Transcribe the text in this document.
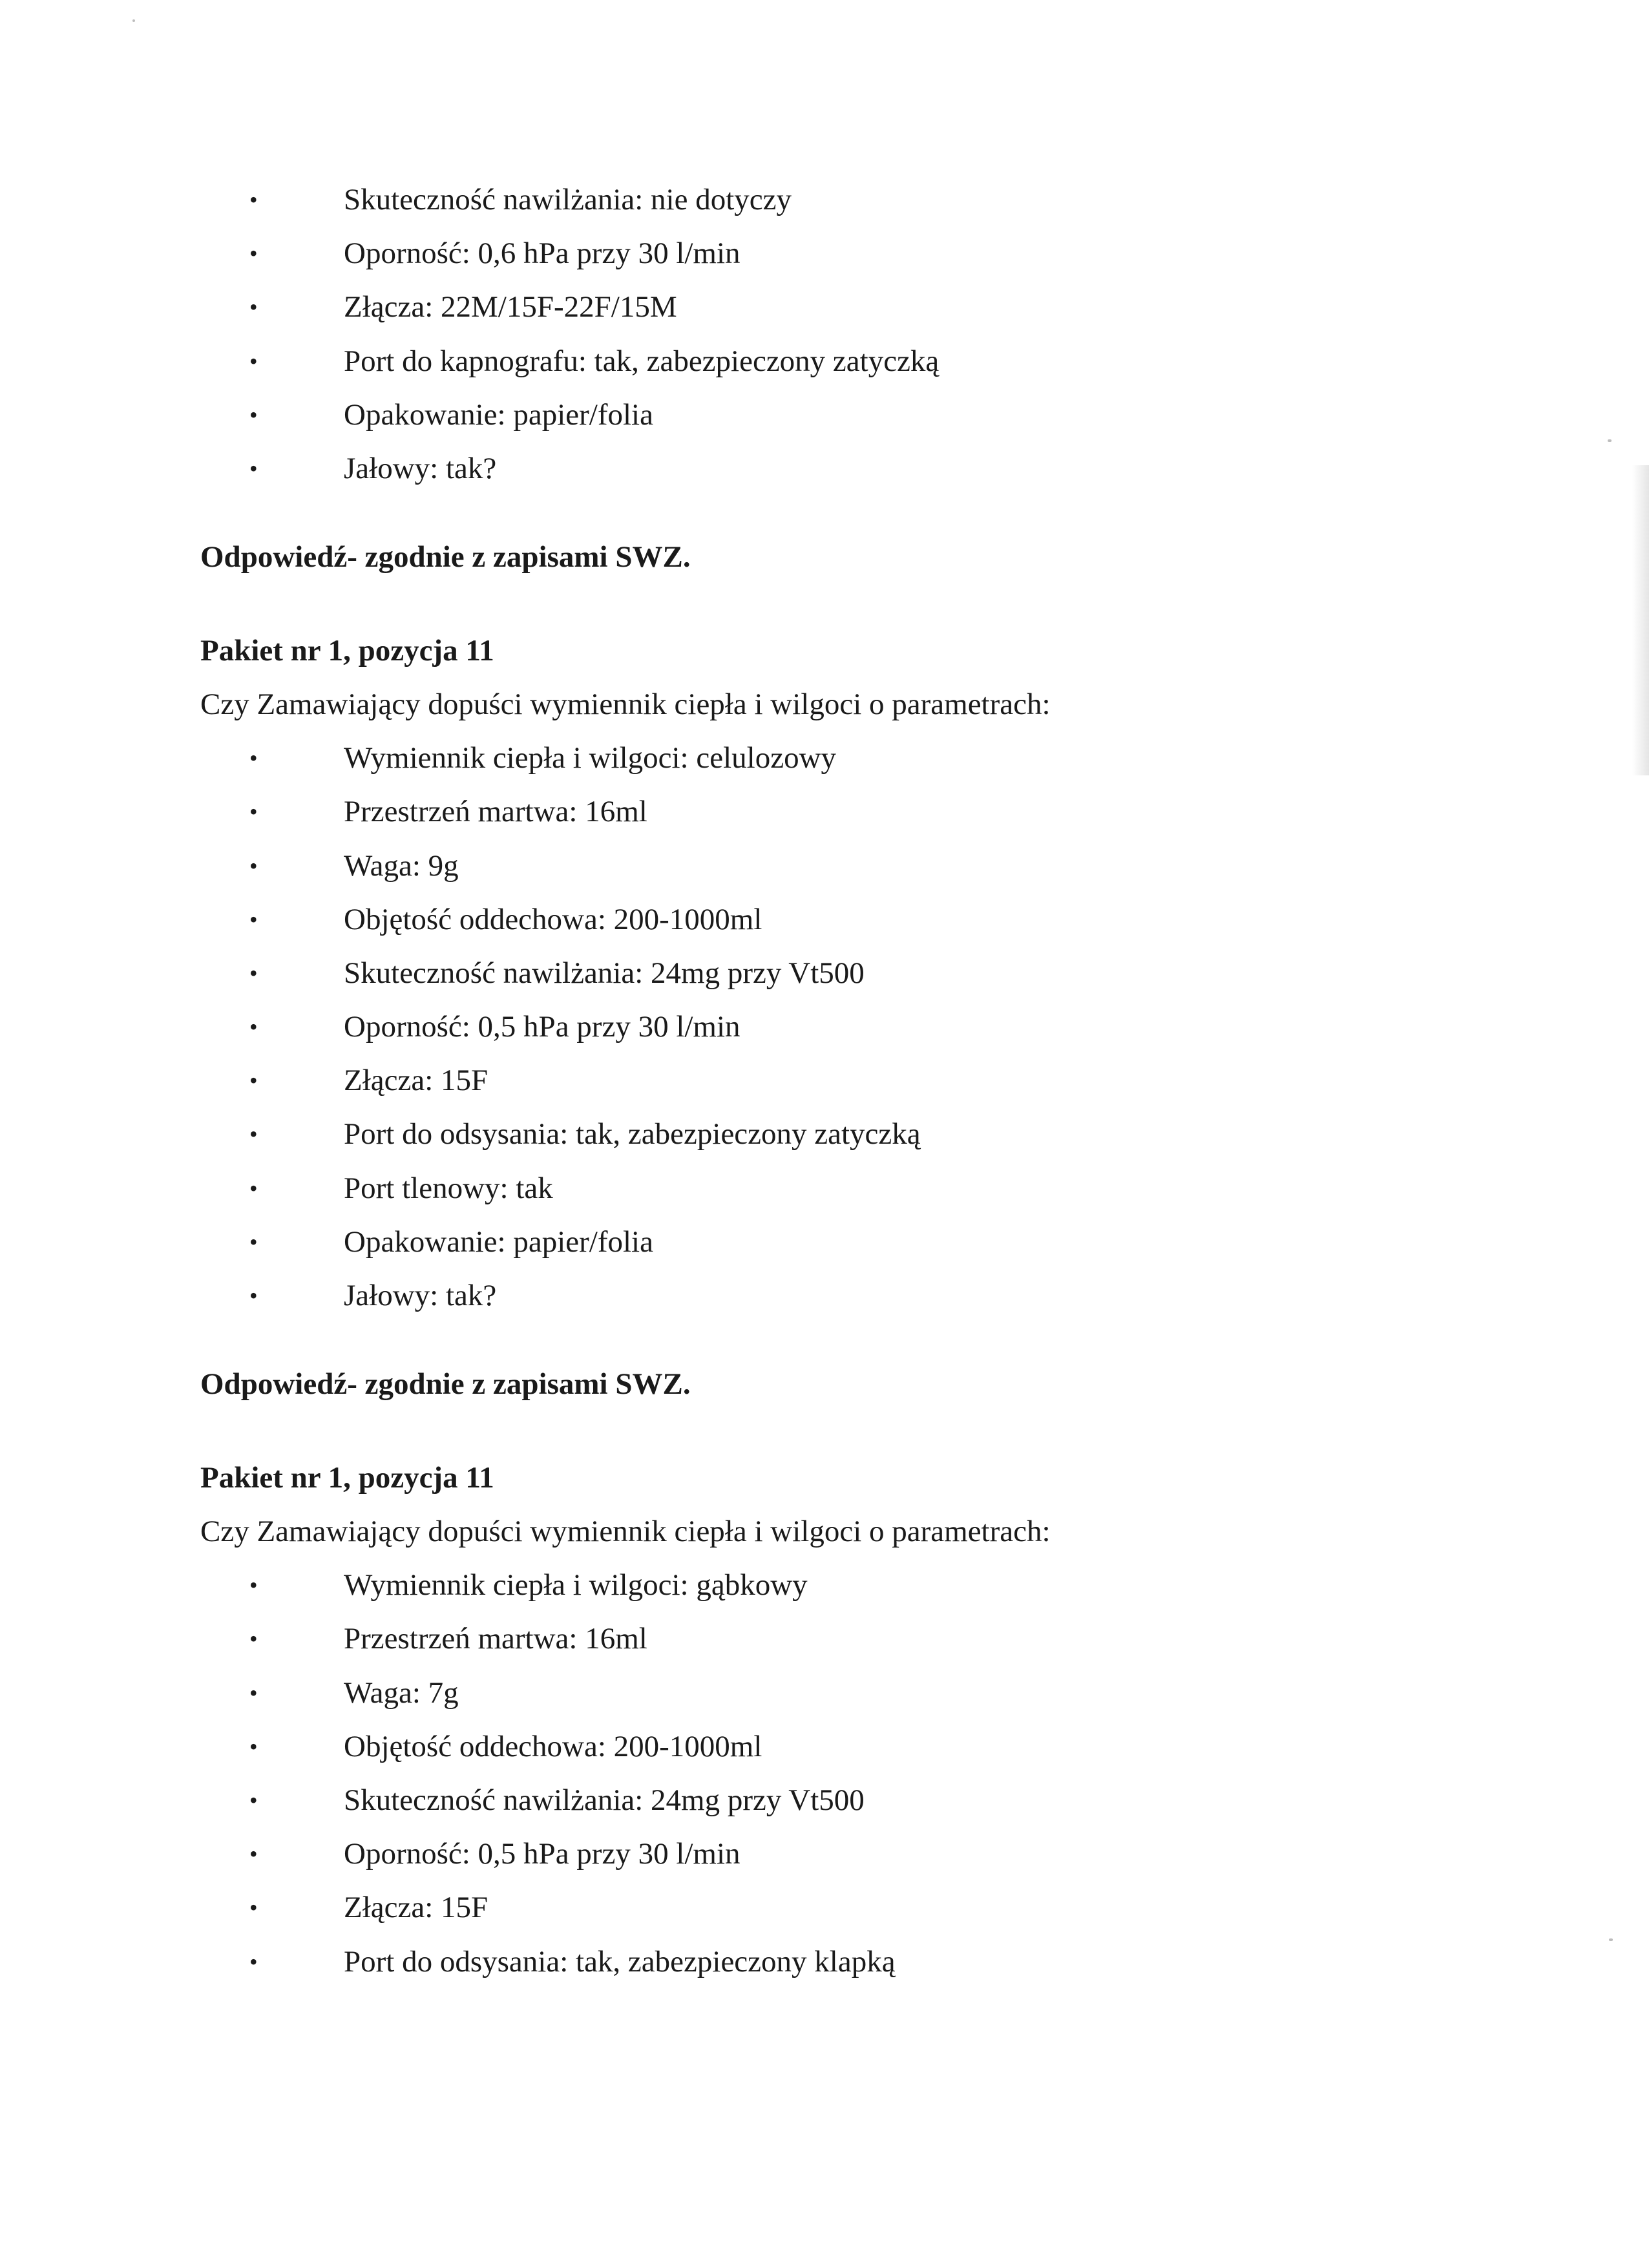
•	Skuteczność nawilżania: nie dotyczy
•	Oporność: 0,6 hPa przy 30 l/min
•	Złącza: 22M/15F-22F/15M
•	Port do kapnografu: tak, zabezpieczony zatyczką
•	Opakowanie: papier/folia
•	Jałowy: tak?
Odpowiedź- zgodnie z zapisami SWZ.
Pakiet nr 1, pozycja 11
Czy Zamawiający dopuści wymiennik ciepła i wilgoci o parametrach:
•	Wymiennik ciepła i wilgoci: celulozowy
•	Przestrzeń martwa: 16ml
•	Waga: 9g
•	Objętość oddechowa: 200-1000ml
•	Skuteczność nawilżania: 24mg przy Vt500
•	Oporność: 0,5 hPa przy 30 l/min
•	Złącza: 15F
•	Port do odsysania: tak, zabezpieczony zatyczką
•	Port tlenowy: tak
•	Opakowanie: papier/folia
•	Jałowy: tak?
Odpowiedź- zgodnie z zapisami SWZ.
Pakiet nr 1, pozycja 11
Czy Zamawiający dopuści wymiennik ciepła i wilgoci o parametrach:
•	Wymiennik ciepła i wilgoci: gąbkowy
•	Przestrzeń martwa: 16ml
•	Waga: 7g
•	Objętość oddechowa: 200-1000ml
•	Skuteczność nawilżania: 24mg przy Vt500
•	Oporność: 0,5 hPa przy 30 l/min
•	Złącza: 15F
•	Port do odsysania: tak, zabezpieczony klapką
